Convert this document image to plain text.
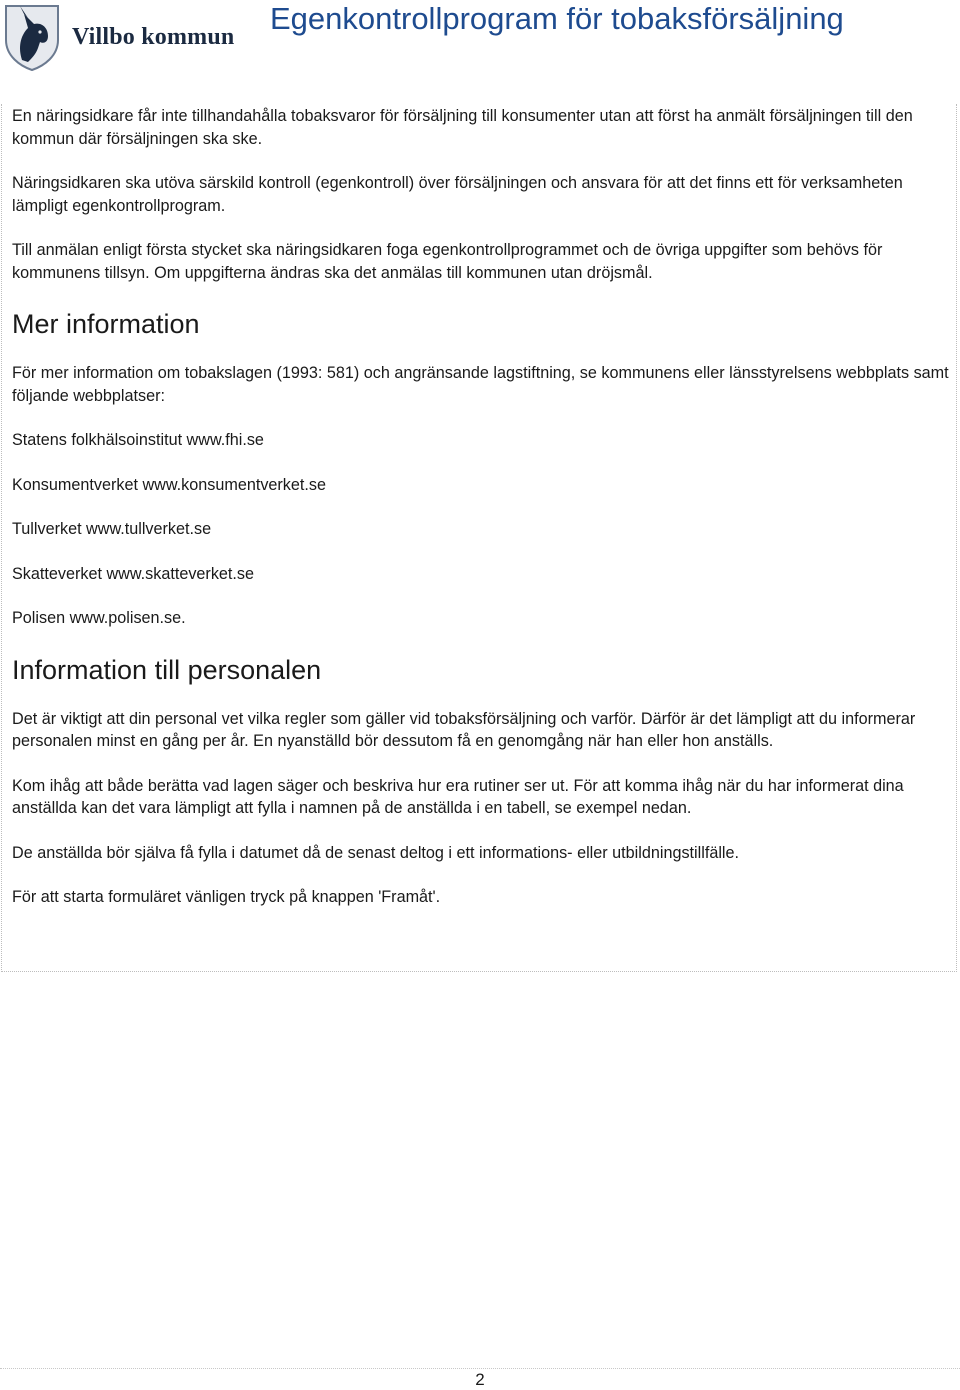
Villbo kommun
Egenkontrollprogram för tobaksförsäljning

En näringsidkare får inte tillhandahålla tobaksvaror för försäljning till konsumenter utan att först ha anmält försäljningen till den kommun där försäljningen ska ske.

Näringsidkaren ska utöva särskild kontroll (egenkontroll) över försäljningen och ansvara för att det finns ett för verksamheten lämpligt egenkontrollprogram.

Till anmälan enligt första stycket ska näringsidkaren foga egenkontrollprogrammet och de övriga uppgifter som behövs för kommunens tillsyn. Om uppgifterna ändras ska det anmälas till kommunen utan dröjsmål.

Mer information

För mer information om tobakslagen (1993: 581) och angränsande lagstiftning, se kommunens eller länsstyrelsens webbplats samt följande webbplatser:

Statens folkhälsoinstitut www.fhi.se

Konsumentverket www.konsumentverket.se

Tullverket www.tullverket.se

Skatteverket www.skatteverket.se

Polisen www.polisen.se.

Information till personalen

Det är viktigt att din personal vet vilka regler som gäller vid tobaksförsäljning och varför. Därför är det lämpligt att du informerar personalen minst en gång per år. En nyanställd bör dessutom få en genomgång när han eller hon anställs.

Kom ihåg att både berätta vad lagen säger och beskriva hur era rutiner ser ut. För att komma ihåg när du har informerat dina anställda kan det vara lämpligt att fylla i namnen på de anställda i en tabell, se exempel nedan.

De anställda bör själva få fylla i datumet då de senast deltog i ett informations- eller utbildningstillfälle.

För att starta formuläret vänligen tryck på knappen 'Framåt'.

2
